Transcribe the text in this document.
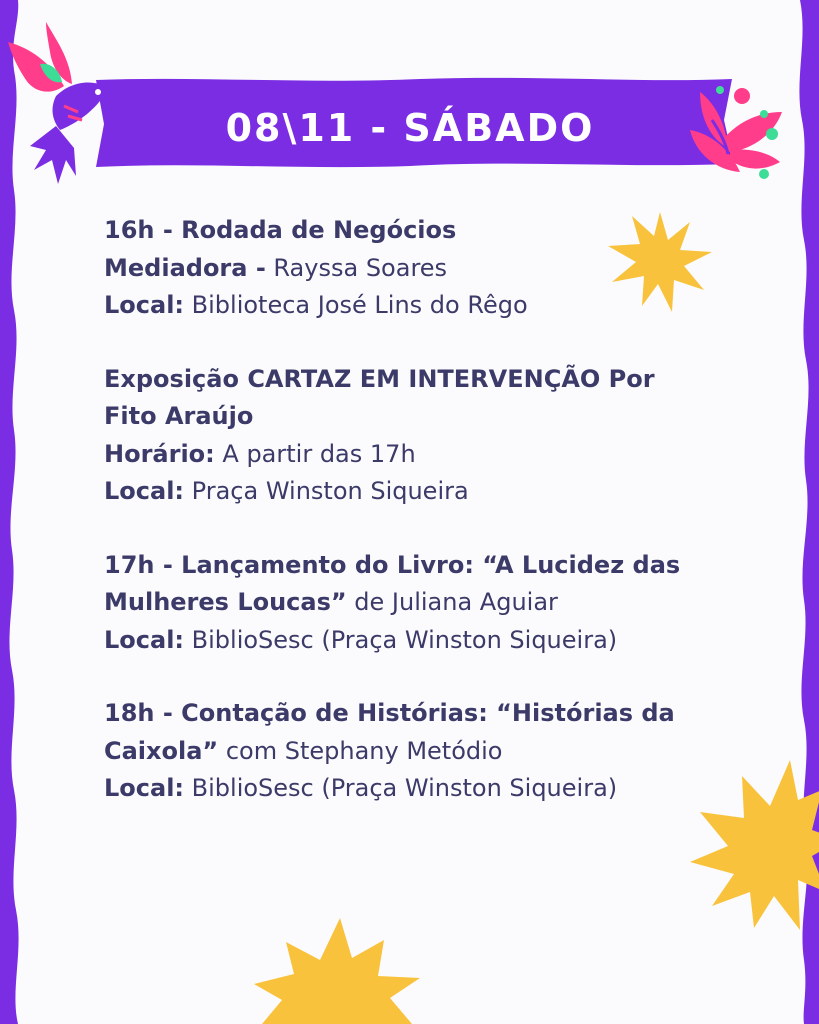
08\11 - SÁBADO
16h - Rodada de Negócios
Mediadora - Rayssa Soares
Local: Biblioteca José Lins do Rêgo
Exposição CARTAZ EM INTERVENÇÃO Por
Fito Araújo
Horário: A partir das 17h
Local: Praça Winston Siqueira
17h - Lançamento do Livro: “A Lucidez das
Mulheres Loucas” de Juliana Aguiar
Local: BiblioSesc (Praça Winston Siqueira)
18h - Contação de Histórias: “Histórias da
Caixola” com Stephany Metódio
Local: BiblioSesc (Praça Winston Siqueira)
